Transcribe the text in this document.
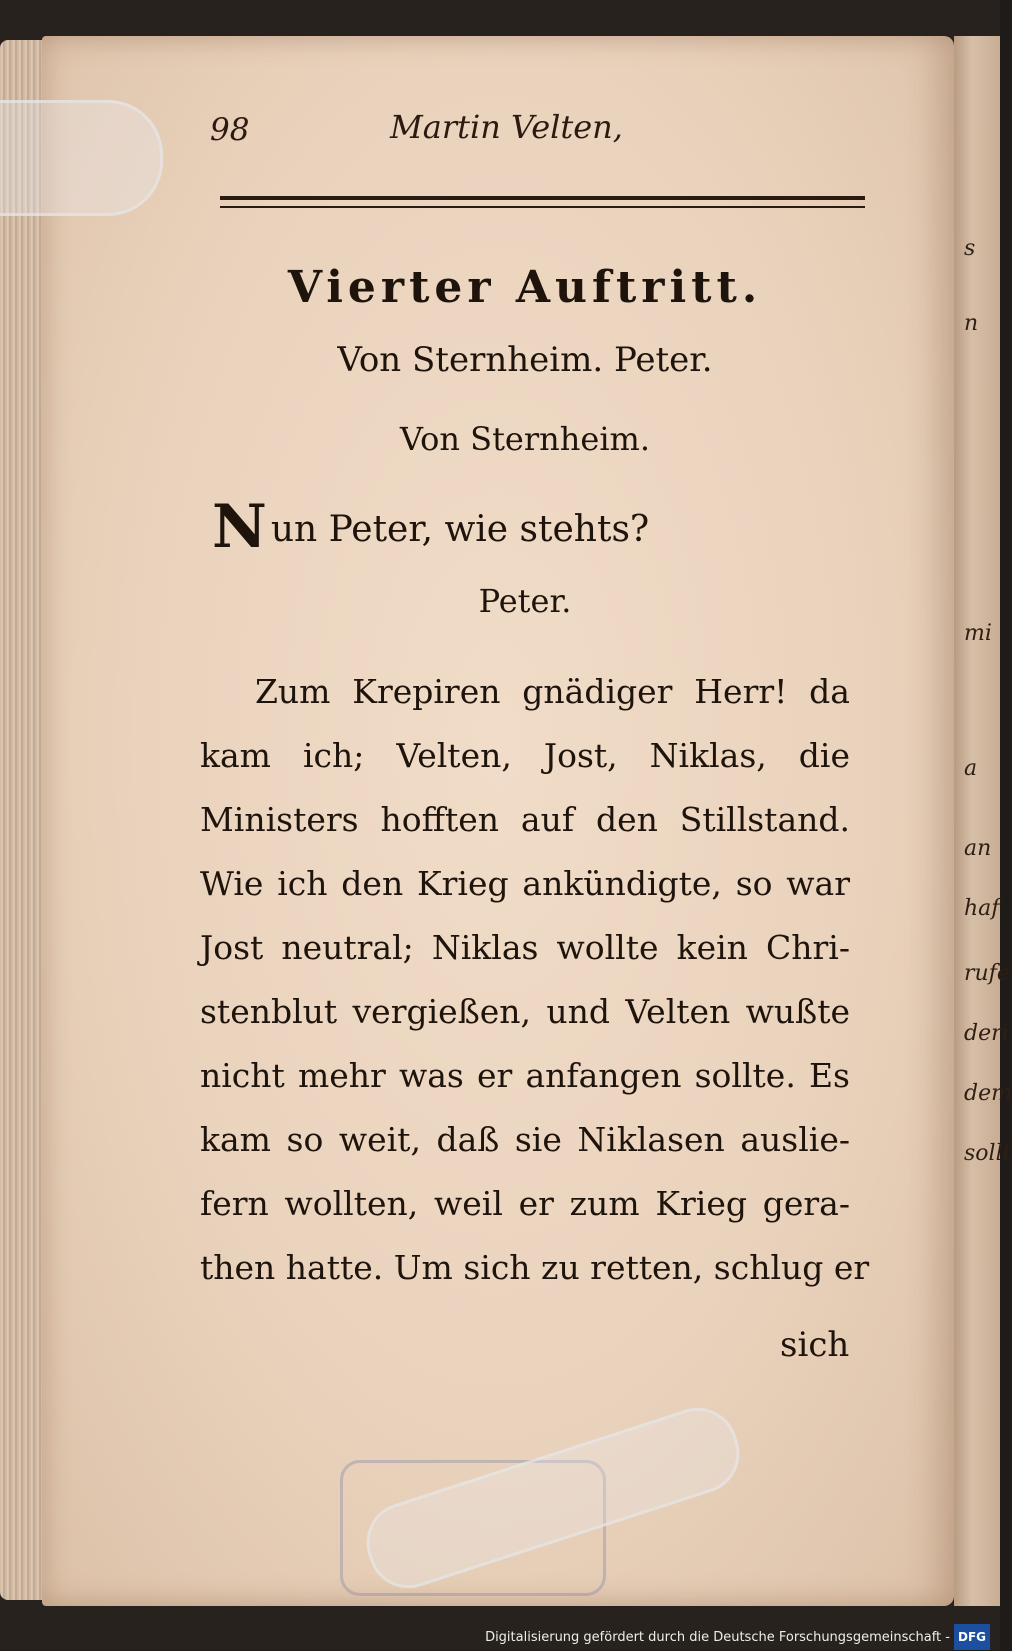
s
n
mi
a
an
haf
rufe
deri
dem
sollt
98	Martin Velten,
Vierter Auftritt.
Von Sternheim. Peter.
Von Sternheim.
Nun Peter, wie stehts?
Peter.
Zum Krepiren gnädiger Herr! da
kam ich; Velten, Jost, Niklas, die
Ministers hofften auf den Stillstand.
Wie ich den Krieg ankündigte, so war
Jost neutral; Niklas wollte kein Chri-
stenblut vergießen, und Velten wußte
nicht mehr was er anfangen sollte. Es
kam so weit, daß sie Niklasen auslie-
fern wollten, weil er zum Krieg gera-
then hatte. Um sich zu retten, schlug er
sich
Digitalisierung gefördert durch die Deutsche Forschungsgemeinschaft - DFG
